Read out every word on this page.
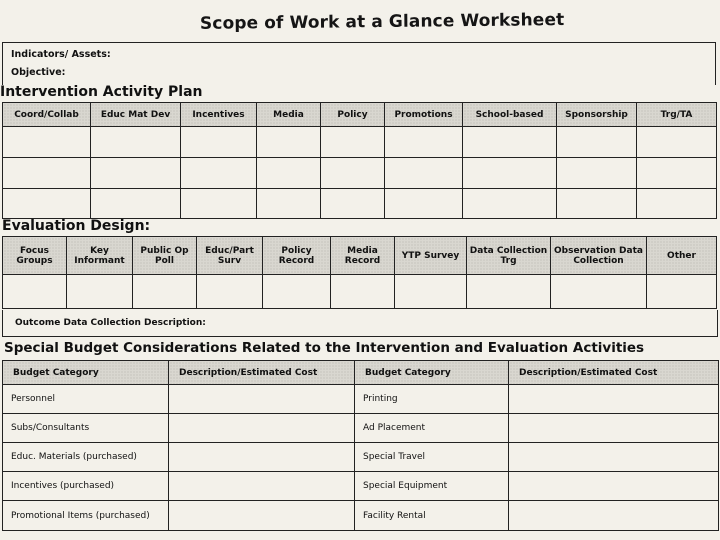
Scope of Work at a Glance Worksheet
Indicators/ Assets:
Objective:
Intervention Activity Plan
Coord/Collab	Educ Mat Dev	Incentives	Media	Policy	Promotions	School-based	Sponsorship	Trg/TA

Evaluation Design:
Focus Groups	Key Informant	Public Op Poll	Educ/Part Surv	Policy Record	Media Record	YTP Survey	Data Collection Trg	Observation Data Collection	Other

Outcome Data Collection Description:
Special Budget Considerations Related to the Intervention and Evaluation Activities
Budget Category	Description/Estimated Cost	Budget Category	Description/Estimated Cost
Personnel		Printing	
Subs/Consultants		Ad Placement	
Educ. Materials (purchased)		Special Travel	
Incentives (purchased)		Special Equipment	
Promotional Items (purchased)		Facility Rental	
